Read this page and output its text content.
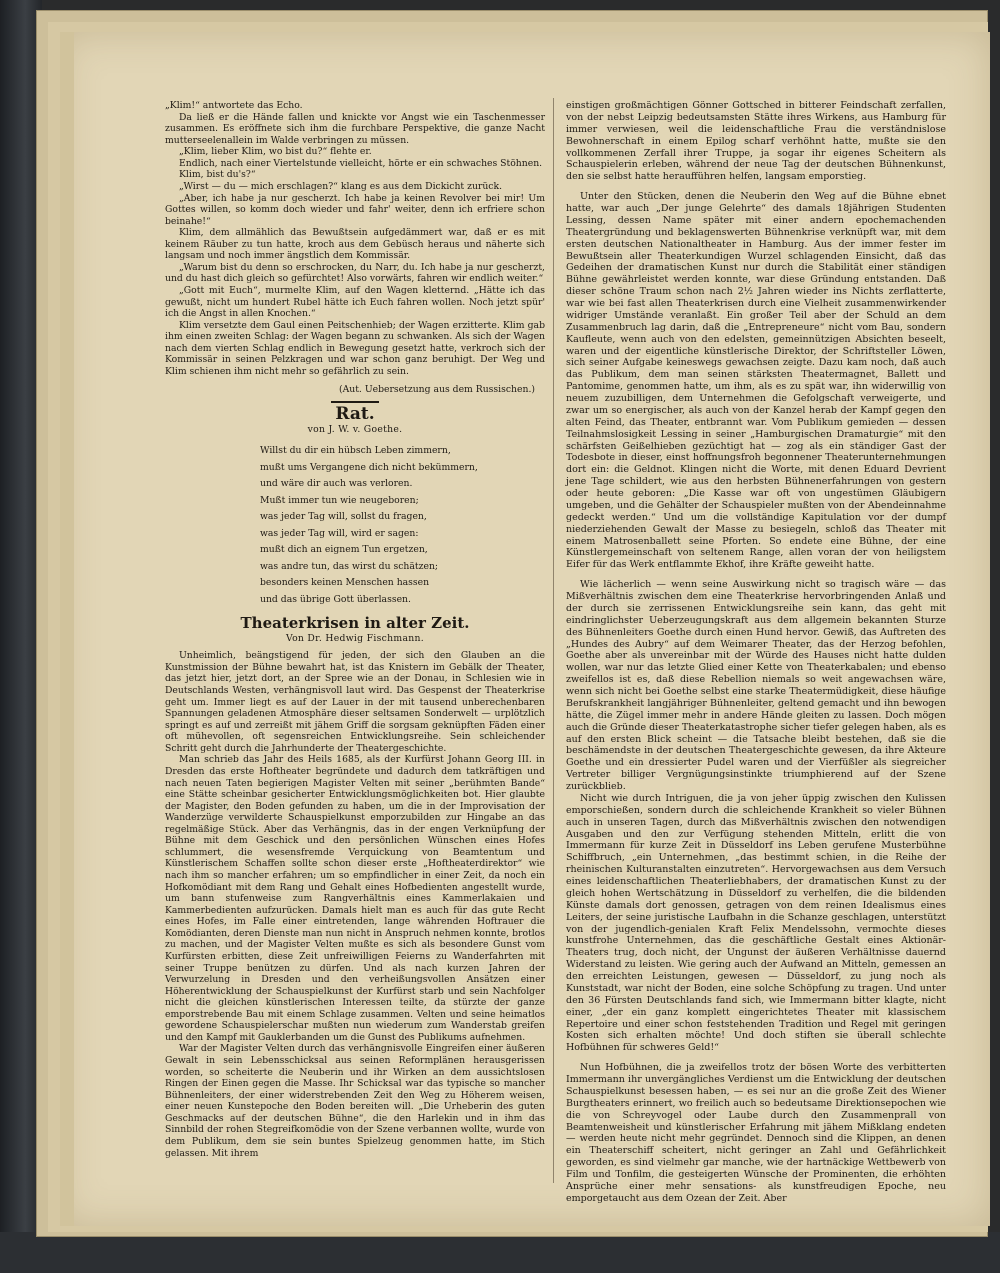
„Klim!“ antwortete das Echo.

Da ließ er die Hände fallen und knickte vor Angst wie ein Taschenmesser zusammen. Es eröffnete sich ihm die furchbare Perspektive, die ganze Nacht mutterseelenallein im Walde verbringen zu müssen.

„Klim, lieber Klim, wo bist du?“ flehte er.

Endlich, nach einer Viertelstunde vielleicht, hörte er ein schwaches Stöhnen.

Klim, bist du's?“

„Wirst — du — mich erschlagen?“ klang es aus dem Dickicht zurück.

„Aber, ich habe ja nur gescherzt. Ich habe ja keinen Revolver bei mir! Um Gottes willen, so komm doch wieder und fahr' weiter, denn ich erfriere schon beinahe!“

Klim, dem allmählich das Bewußtsein aufgedämmert war, daß er es mit keinem Räuber zu tun hatte, kroch aus dem Gebüsch heraus und näherte sich langsam und noch immer ängstlich dem Kommissär.

„Warum bist du denn so erschrocken, du Narr, du. Ich habe ja nur gescherzt, und du hast dich gleich so gefürchtet! Also vorwärts, fahren wir endlich weiter.“

„Gott mit Euch“, murmelte Klim, auf den Wagen kletternd. „Hätte ich das gewußt, nicht um hundert Rubel hätte ich Euch fahren wollen. Noch jetzt spür' ich die Angst in allen Knochen.“

Klim versetzte dem Gaul einen Peitschenhieb; der Wagen erzitterte. Klim gab ihm einen zweiten Schlag: der Wagen begann zu schwanken. Als sich der Wagen nach dem vierten Schlag endlich in Bewegung gesetzt hatte, verkroch sich der Kommissär in seinen Pelzkragen und war schon ganz beruhigt. Der Weg und Klim schienen ihm nicht mehr so gefährlich zu sein.

(Aut. Uebersetzung aus dem Russischen.)
Rat.
von J. W. v. Goethe.
Willst du dir ein hübsch Leben zimmern,
mußt ums Vergangene dich nicht bekümmern,
und wäre dir auch was verloren.
Mußt immer tun wie neugeboren;
was jeder Tag will, sollst du fragen,
was jeder Tag will, wird er sagen:
mußt dich an eignem Tun ergetzen,
was andre tun, das wirst du schätzen;
besonders keinen Menschen hassen
und das übrige Gott überlassen.
Theaterkrisen in alter Zeit.
Von Dr. Hedwig Fischmann.

Unheimlich, beängstigend für jeden, der sich den Glauben an die Kunstmission der Bühne bewahrt hat, ist das Knistern im Gebälk der Theater, das jetzt hier, jetzt dort, an der Spree wie an der Donau, in Schlesien wie in Deutschlands Westen, verhängnisvoll laut wird. Das Gespenst der Theaterkrise geht um. Immer liegt es auf der Lauer in der mit tausend unberechenbaren Spannungen geladenen Atmosphäre dieser seltsamen Sonderwelt — urplötzlich springt es auf und zerreißt mit jähem Griff die sorgsam geknüpften Fäden einer oft mühevollen, oft segensreichen Entwicklungsreihe. Sein schleichender Schritt geht durch die Jahrhunderte der Theatergeschichte.

Man schrieb das Jahr des Heils 1685, als der Kurfürst Johann Georg III. in Dresden das erste Hoftheater begründete und dadurch dem tatkräftigen und nach neuen Taten begierigen Magister Velten mit seiner „berühmten Bande“ eine Stätte scheinbar gesicherter Entwicklungsmöglichkeiten bot. Hier glaubte der Magister, den Boden gefunden zu haben, um die in der Improvisation der Wanderzüge verwilderte Schauspielkunst emporzubilden zur Hingabe an das regelmäßige Stück. Aber das Verhängnis, das in der engen Verknüpfung der Bühne mit dem Geschick und den persönlichen Wünschen eines Hofes schlummert, die wesensfremde Verquickung von Beamtentum und Künstlerischem Schaffen sollte schon dieser erste „Hoftheaterdirektor“ wie nach ihm so mancher erfahren; um so empfindlicher in einer Zeit, da noch ein Hofkomödiant mit dem Rang und Gehalt eines Hofbedienten angestellt wurde, um bann stufenweise zum Rangverhältnis eines Kammerlakaien und Kammerbedienten aufzurücken. Damals hielt man es auch für das gute Recht eines Hofes, im Falle einer eintretenden, lange währenden Hoftrauer die Komödianten, deren Dienste man nun nicht in Anspruch nehmen konnte, brotlos zu machen, und der Magister Velten mußte es sich als besondere Gunst vom Kurfürsten erbitten, diese Zeit unfreiwilligen Feierns zu Wanderfahrten mit seiner Truppe benützen zu dürfen. Und als nach kurzen Jahren der Verwurzelung in Dresden und den verheißungsvollen Ansätzen einer Höherentwicklung der Schauspielkunst der Kurfürst starb und sein Nachfolger nicht die gleichen künstlerischen Interessen teilte, da stürzte der ganze emporstrebende Bau mit einem Schlage zusammen. Velten und seine heimatlos gewordene Schauspielerschar mußten nun wiederum zum Wanderstab greifen und den Kampf mit Gauklerbanden um die Gunst des Publikums aufnehmen.

War der Magister Velten durch das verhängnisvolle Eingreifen einer äußeren Gewalt in sein Lebensschicksal aus seinen Reformplänen herausgerissen worden, so scheiterte die Neuberin und ihr Wirken an dem aussichtslosen Ringen der Einen gegen die Masse. Ihr Schicksal war das typische so mancher Bühnenleiters, der einer widerstrebenden Zeit den Weg zu Höherem weisen, einer neuen Kunstepoche den Boden bereiten will. „Die Urheberin des guten Geschmacks auf der deutschen Bühne“, die den Harlekin und in ihm das Sinnbild der rohen Stegreifkomödie von der Szene verbannen wollte, wurde von dem Publikum, dem sie sein buntes Spielzeug genommen hatte, im Stich gelassen. Mit ihrem

einstigen großmächtigen Gönner Gottsched in bitterer Feindschaft zerfallen, von der nebst Leipzig bedeutsamsten Stätte ihres Wirkens, aus Hamburg für immer verwiesen, weil die leidenschaftliche Frau die verständnislose Bewohnerschaft in einem Epilog scharf verhöhnt hatte, mußte sie den vollkommenen Zerfall ihrer Truppe, ja sogar ihr eigenes Scheitern als Schauspielerin erleben, während der neue Tag der deutschen Bühnenkunst, den sie selbst hatte heraufführen helfen, langsam emporstieg.

Unter den Stücken, denen die Neuberin den Weg auf die Bühne ebnet hatte, war auch „Der junge Gelehrte“ des damals 18jährigen Studenten Lessing, dessen Name später mit einer andern epochemachenden Theatergründung und beklagenswerten Bühnenkrise verknüpft war, mit dem ersten deutschen Nationaltheater in Hamburg. Aus der immer fester im Bewußtsein aller Theaterkundigen Wurzel schlagenden Einsicht, daß das Gedeihen der dramatischen Kunst nur durch die Stabilität einer ständigen Bühne gewährleistet werden konnte, war diese Gründung entstanden. Daß dieser schöne Traum schon nach 2½ Jahren wieder ins Nichts zerflatterte, war wie bei fast allen Theaterkrisen durch eine Vielheit zusammenwirkender widriger Umstände veranlaßt. Ein großer Teil aber der Schuld an dem Zusammenbruch lag darin, daß die „Entrepreneure“ nicht vom Bau, sondern Kaufleute, wenn auch von den edelsten, gemeinnützigen Absichten beseelt, waren und der eigentliche künstlerische Direktor, der Schriftsteller Löwen, sich seiner Aufgabe keineswegs gewachsen zeigte. Dazu kam noch, daß auch das Publikum, dem man seinen stärksten Theatermagnet, Ballett und Pantomime, genommen hatte, um ihm, als es zu spät war, ihn widerwillig von neuem zuzubilligen, dem Unternehmen die Gefolgschaft verweigerte, und zwar um so energischer, als auch von der Kanzel herab der Kampf gegen den alten Feind, das Theater, entbrannt war. Vom Publikum gemieden — dessen Teilnahmslosigkeit Lessing in seiner „Hamburgischen Dramaturgie“ mit den schärfsten Geißelhieben gezüchtigt hat — zog als ein ständiger Gast der Todesbote in dieser, einst hoffnungsfroh begonnener Theaterunternehmungen dort ein: die Geldnot. Klingen nicht die Worte, mit denen Eduard Devrient jene Tage schildert, wie aus den herbsten Bühnenerfahrungen von gestern oder heute geboren: „Die Kasse war oft von ungestümen Gläubigern umgeben, und die Gehälter der Schauspieler mußten von der Abendeinnahme gedeckt werden.“ Und um die vollständige Kapitulation vor der dumpf niederziehenden Gewalt der Masse zu besiegeln, schloß das Theater mit einem Matrosenballett seine Pforten. So endete eine Bühne, der eine Künstlergemeinschaft von seltenem Range, allen voran der von heiligstem Eifer für das Werk entflammte Ekhof, ihre Kräfte geweiht hatte.

Wie lächerlich — wenn seine Auswirkung nicht so tragisch wäre — das Mißverhältnis zwischen dem eine Theaterkrise hervorbringenden Anlaß und der durch sie zerrissenen Entwicklungsreihe sein kann, das geht mit eindringlichster Ueberzeugungskraft aus dem allgemein bekannten Sturze des Bühnenleiters Goethe durch einen Hund hervor. Gewiß, das Auftreten des „Hundes des Aubry“ auf dem Weimarer Theater, das der Herzog befohlen, Goethe aber als unvereinbar mit der Würde des Hauses nicht hatte dulden wollen, war nur das letzte Glied einer Kette von Theaterkabalen; und ebenso zweifellos ist es, daß diese Rebellion niemals so weit angewachsen wäre, wenn sich nicht bei Goethe selbst eine starke Theatermüdigkeit, diese häufige Berufskrankheit langjähriger Bühnenleiter, geltend gemacht und ihn bewogen hätte, die Zügel immer mehr in andere Hände gleiten zu lassen. Doch mögen auch die Gründe dieser Theaterkatastrophe sicher tiefer gelegen haben, als es auf den ersten Blick scheint — die Tatsache bleibt bestehen, daß sie die beschämendste in der deutschen Theatergeschichte gewesen, da ihre Akteure Goethe und ein dressierter Pudel waren und der Vierfüßler als siegreicher Vertreter billiger Vergnügungsinstinkte triumphierend auf der Szene zurückblieb.

Nicht wie durch Intriguen, die ja von jeher üppig zwischen den Kulissen emporschießen, sondern durch die schleichende Krankheit so vieler Bühnen auch in unseren Tagen, durch das Mißverhältnis zwischen den notwendigen Ausgaben und den zur Verfügung stehenden Mitteln, erlitt die von Immermann für kurze Zeit in Düsseldorf ins Leben gerufene Musterbühne Schiffbruch, „ein Unternehmen, „das bestimmt schien, in die Reihe der rheinischen Kulturanstalten einzutreten“. Hervorgewachsen aus dem Versuch eines leidenschaftlichen Theaterliebhabers, der dramatischen Kunst zu der gleich hohen Wertschätzung in Düsseldorf zu verhelfen, die die bildenden Künste damals dort genossen, getragen von dem reinen Idealismus eines Leiters, der seine juristische Laufbahn in die Schanze geschlagen, unterstützt von der jugendlich-genialen Kraft Felix Mendelssohn, vermochte dieses kunstfrohe Unternehmen, das die geschäftliche Gestalt eines Aktionär-Theaters trug, doch nicht, der Ungunst der äußeren Verhältnisse dauernd Widerstand zu leisten. Wie gering auch der Aufwand an Mitteln, gemessen an den erreichten Leistungen, gewesen — Düsseldorf, zu jung noch als Kunststadt, war nicht der Boden, eine solche Schöpfung zu tragen. Und unter den 36 Fürsten Deutschlands fand sich, wie Immermann bitter klagte, nicht einer, „der ein ganz komplett eingerichtetes Theater mit klassischem Repertoire und einer schon feststehenden Tradition und Regel mit geringen Kosten sich erhalten möchte! Und doch stiften sie überall schlechte Hofbühnen für schweres Geld!“

Nun Hofbühnen, die ja zweifellos trotz der bösen Worte des verbitterten Immermann ihr unvergängliches Verdienst um die Entwicklung der deutschen Schauspielkunst besessen haben, — es sei nur an die große Zeit des Wiener Burgtheaters erinnert, wo freilich auch so bedeutsame Direktionsepochen wie die von Schreyvogel oder Laube durch den Zusammenprall von Beamtenweisheit und künstlerischer Erfahrung mit jähem Mißklang endeten — werden heute nicht mehr gegründet. Dennoch sind die Klippen, an denen ein Theaterschiff scheitert, nicht geringer an Zahl und Gefährlichkeit geworden, es sind vielmehr gar manche, wie der hartnäckige Wettbewerb von Film und Tonfilm, die gesteigerten Wünsche der Prominenten, die erhöhten Ansprüche einer mehr sensations- als kunstfreudigen Epoche, neu emporgetaucht aus dem Ozean der Zeit. Aber
